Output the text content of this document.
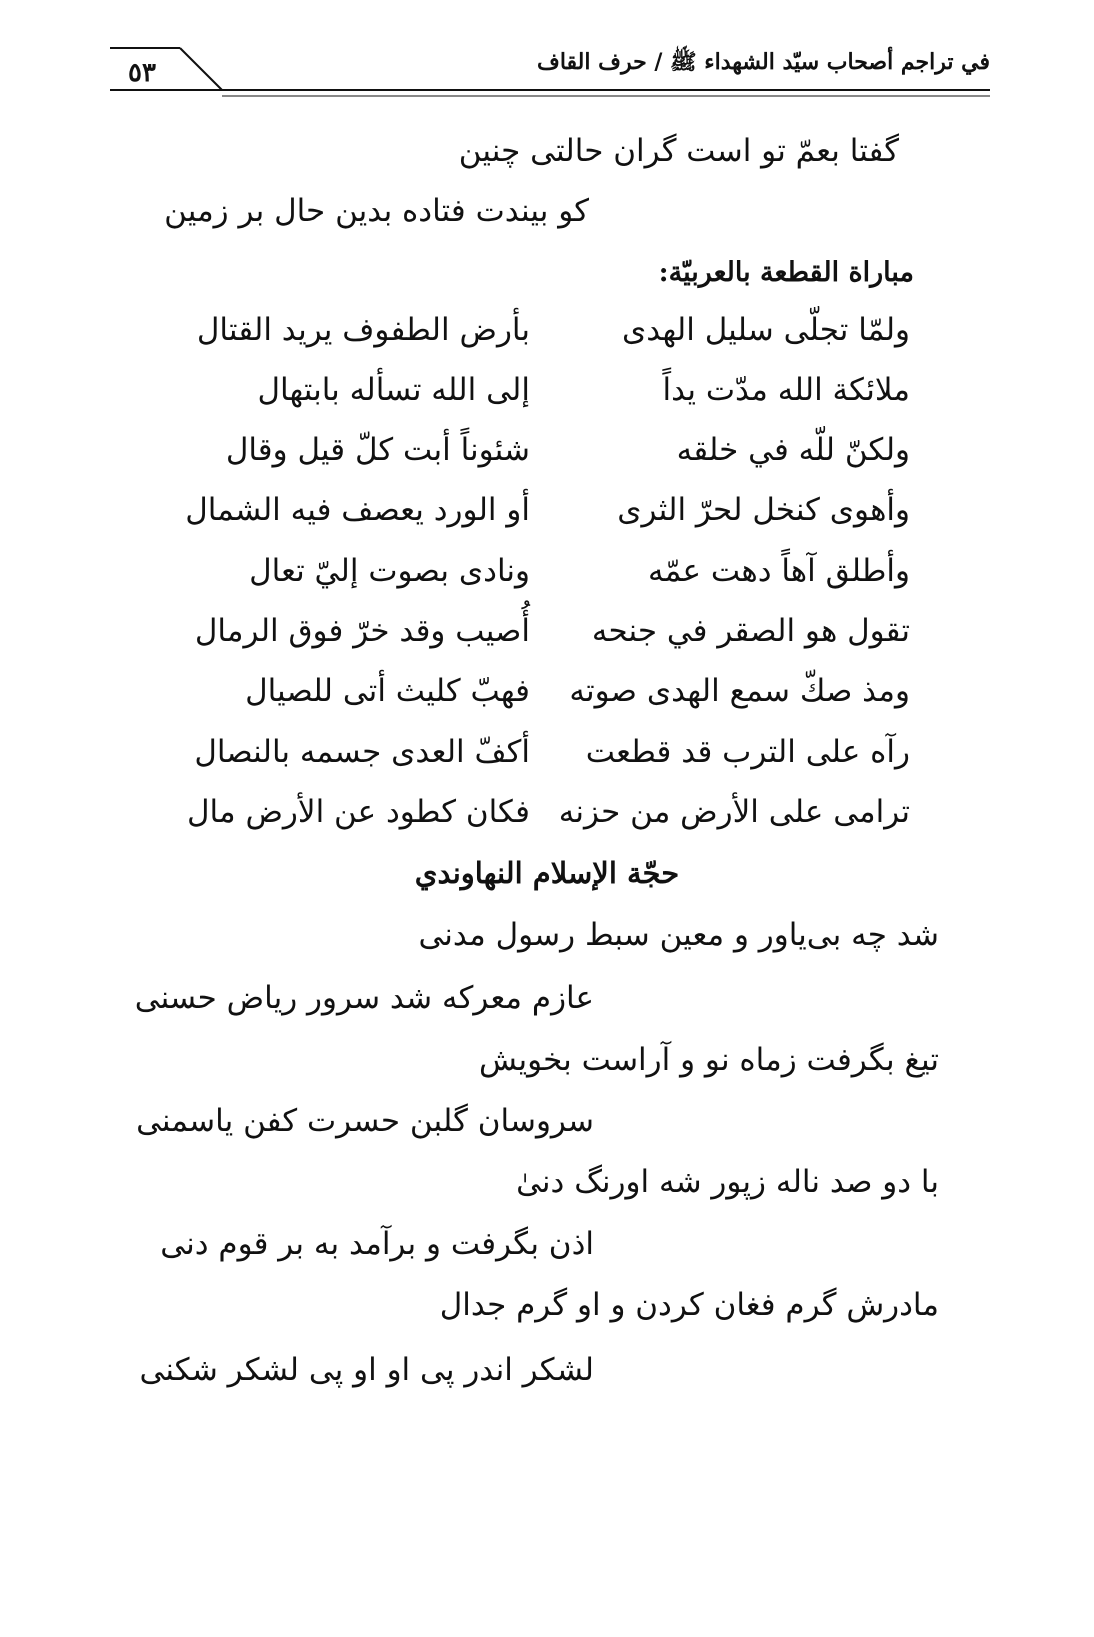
في تراجم أصحاب سيّد الشهداء ﷺ / حرف القاف
٥٣
گفتا بعمّ تو است گران حالتى چنين
كو بيندت فتاده بدين حال بر زمين
مباراة القطعة بالعربيّة:
ولمّا تجلّى سليل الهدى
بأرض الطفوف يريد القتال
ملائكة الله مدّت يداً
إلى الله تسأله بابتهال
ولكنّ للّه في خلقه
شئوناً أبت كلّ قيل وقال
وأهوى كنخل لحرّ الثرى
أو الورد يعصف فيه الشمال
وأطلق آهاً دهت عمّه
ونادى بصوت إليّ تعال
تقول هو الصقر في جنحه
أُصيب وقد خرّ فوق الرمال
ومذ صكّ سمع الهدى صوته
فهبّ كليث أتى للصيال
رآه على الترب قد قطعت
أكفّ العدى جسمه بالنصال
ترامى على الأرض من حزنه
فكان كطود عن الأرض مال
حجّة الإسلام النهاوندي
شد چه بى‌ياور و معين سبط رسول مدنى
عازم معركه شد سرور رياض حسنى
تيغ بگرفت زماه نو و آراست بخويش
سروسان گلبن حسرت كفن ياسمنى
با دو صد ناله زپور شه اورنگ دنىٰ
اذن بگرفت و برآمد به بر قوم دنى
مادرش گرم فغان كردن و او گرم جدال
لشكر اندر پى او او پى لشكر شكنى
